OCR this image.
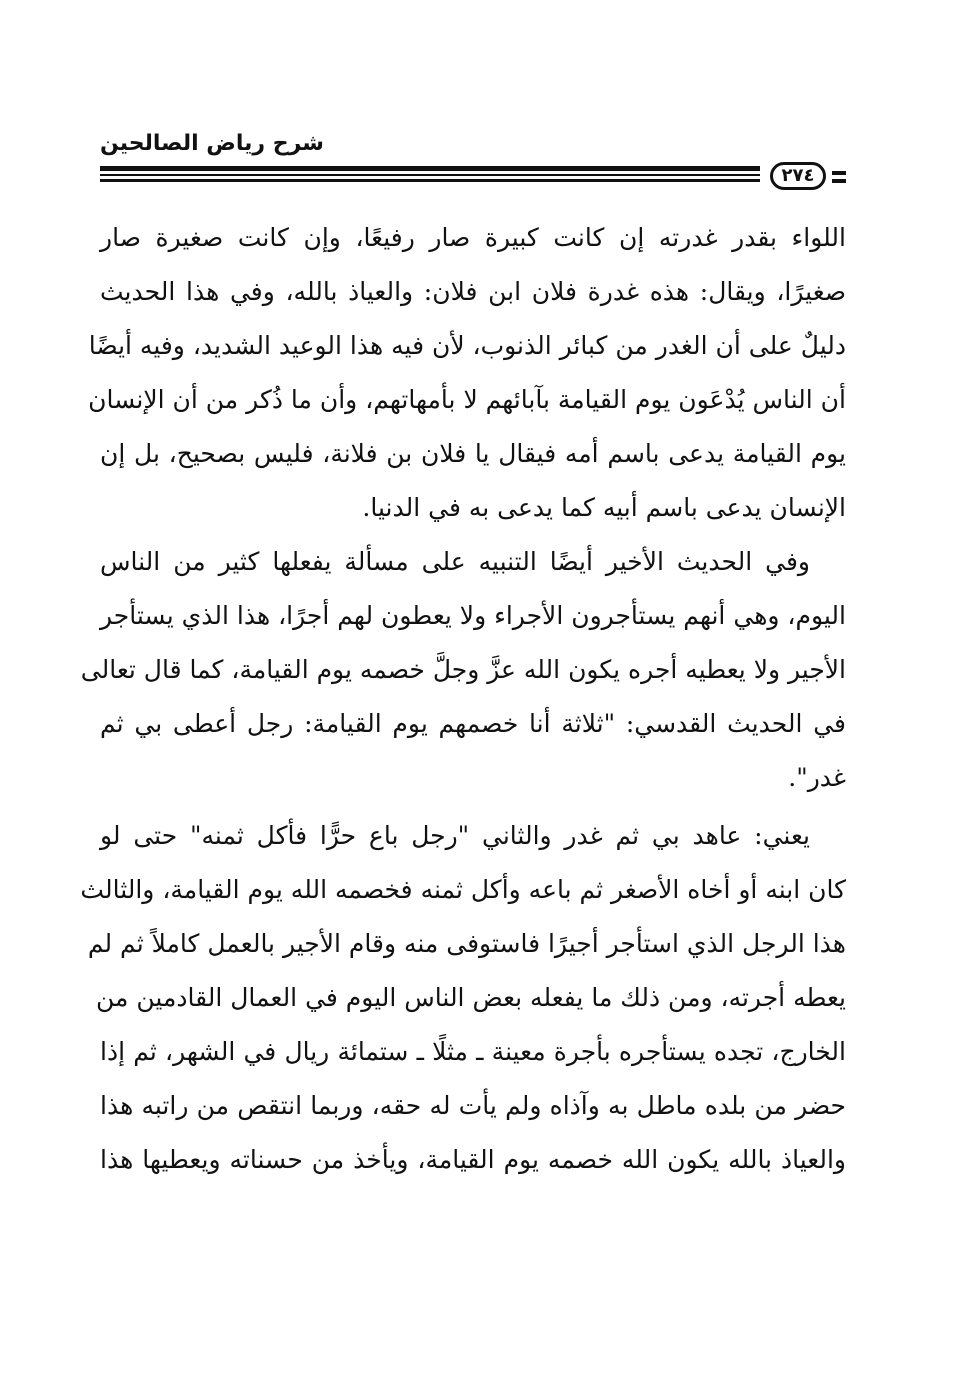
شرح رياض الصالحين
٢٧٤
اللواء بقدر غدرته إن كانت كبيرة صار رفيعًا، وإن كانت صغيرة صار
صغيرًا، ويقال: هذه غدرة فلان ابن فلان: والعياذ بالله، وفي هذا الحديث
دليلٌ على أن الغدر من كبائر الذنوب، لأن فيه هذا الوعيد الشديد، وفيه أيضًا
أن الناس يُدْعَون يوم القيامة بآبائهم لا بأمهاتهم، وأن ما ذُكر من أن الإنسان
يوم القيامة يدعى باسم أمه فيقال يا فلان بن فلانة، فليس بصحيح، بل إن
الإنسان يدعى باسم أبيه كما يدعى به في الدنيا.
وفي الحديث الأخير أيضًا التنبيه على مسألة يفعلها كثير من الناس
اليوم، وهي أنهم يستأجرون الأجراء ولا يعطون لهم أجرًا، هذا الذي يستأجر
الأجير ولا يعطيه أجره يكون الله عزَّ وجلَّ خصمه يوم القيامة، كما قال تعالى
في الحديث القدسي: "ثلاثة أنا خصمهم يوم القيامة: رجل أعطى بي ثم
غدر".
يعني: عاهد بي ثم غدر والثاني "رجل باع حرًّا فأكل ثمنه" حتى لو
كان ابنه أو أخاه الأصغر ثم باعه وأكل ثمنه فخصمه الله يوم القيامة، والثالث
هذا الرجل الذي استأجر أجيرًا فاستوفى منه وقام الأجير بالعمل كاملاً ثم لم
يعطه أجرته، ومن ذلك ما يفعله بعض الناس اليوم في العمال القادمين من
الخارج، تجده يستأجره بأجرة معينة ـ مثلًا ـ ستمائة ريال في الشهر، ثم إذا
حضر من بلده ماطل به وآذاه ولم يأت له حقه، وربما انتقص من راتبه هذا
والعياذ بالله يكون الله خصمه يوم القيامة، ويأخذ من حسناته ويعطيها هذا
